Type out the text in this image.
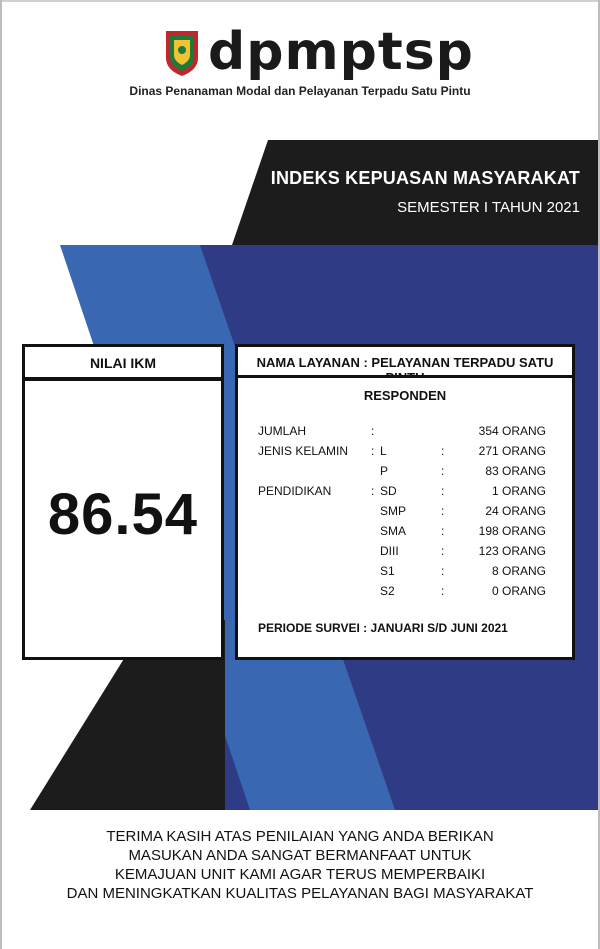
dpmptsp
Dinas Penanaman Modal dan Pelayanan Terpadu Satu Pintu
INDEKS KEPUASAN MASYARAKAT
SEMESTER I TAHUN 2021
NILAI IKM
86.54
NAMA LAYANAN : PELAYANAN TERPADU SATU
RESPONDEN
JUMLAH	:	354 ORANG
JENIS KELAMIN : L	:	271 ORANG
P	:	83 ORANG
PENDIDIKAN	: SD	:	1 ORANG
SMP	:	24 ORANG
SMA	:	198 ORANG
DIII	:	123 ORANG
S1	:	8 ORANG
S2	:	0 ORANG
PERIODE SURVEI : JANUARI S/D JUNI 2021
TERIMA KASIH ATAS PENILAIAN YANG ANDA BERIKAN
MASUKAN ANDA SANGAT BERMANFAAT UNTUK
KEMAJUAN UNIT KAMI AGAR TERUS MEMPERBAIKI
DAN MENINGKATKAN KUALITAS PELAYANAN BAGI MASYARAKAT
